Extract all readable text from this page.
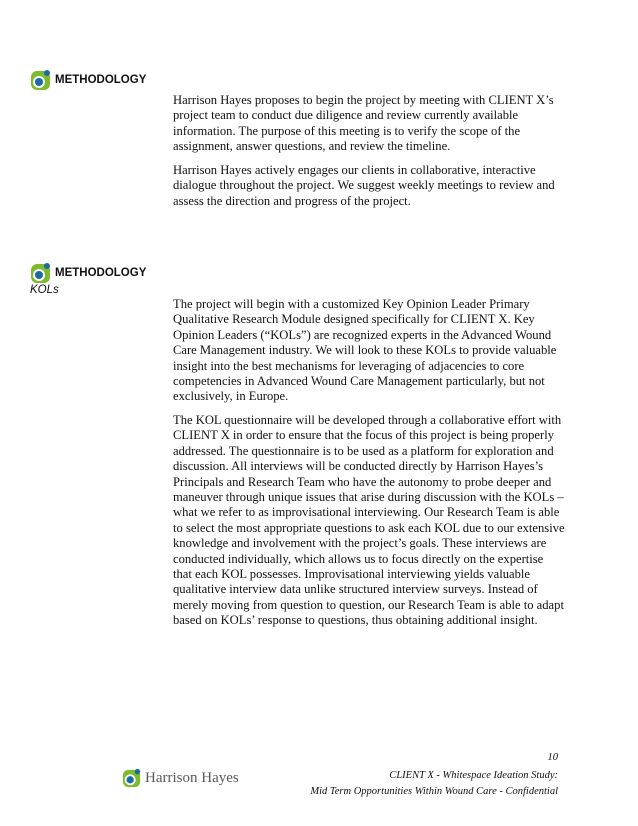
METHODOLOGY

Harrison Hayes proposes to begin the project by meeting with CLIENT X’s project team to conduct due diligence and review currently available information. The purpose of this meeting is to verify the scope of the assignment, answer questions, and review the timeline.

Harrison Hayes actively engages our clients in collaborative, interactive dialogue throughout the project. We suggest weekly meetings to review and assess the direction and progress of the project.

METHODOLOGY
KOLs

The project will begin with a customized Key Opinion Leader Primary Qualitative Research Module designed specifically for CLIENT X. Key Opinion Leaders (“KOLs”) are recognized experts in the Advanced Wound Care Management industry. We will look to these KOLs to provide valuable insight into the best mechanisms for leveraging of adjacencies to core competencies in Advanced Wound Care Management particularly, but not exclusively, in Europe.

The KOL questionnaire will be developed through a collaborative effort with CLIENT X in order to ensure that the focus of this project is being properly addressed. The questionnaire is to be used as a platform for exploration and discussion. All interviews will be conducted directly by Harrison Hayes’s Principals and Research Team who have the autonomy to probe deeper and maneuver through unique issues that arise during discussion with the KOLs – what we refer to as improvisational interviewing. Our Research Team is able to select the most appropriate questions to ask each KOL due to our extensive knowledge and involvement with the project’s goals. These interviews are conducted individually, which allows us to focus directly on the expertise that each KOL possesses. Improvisational interviewing yields valuable qualitative interview data unlike structured interview surveys. Instead of merely moving from question to question, our Research Team is able to adapt based on KOLs’ response to questions, thus obtaining additional insight.

Harrison Hayes
10
CLIENT X - Whitespace Ideation Study:
Mid Term Opportunities Within Wound Care - Confidential
